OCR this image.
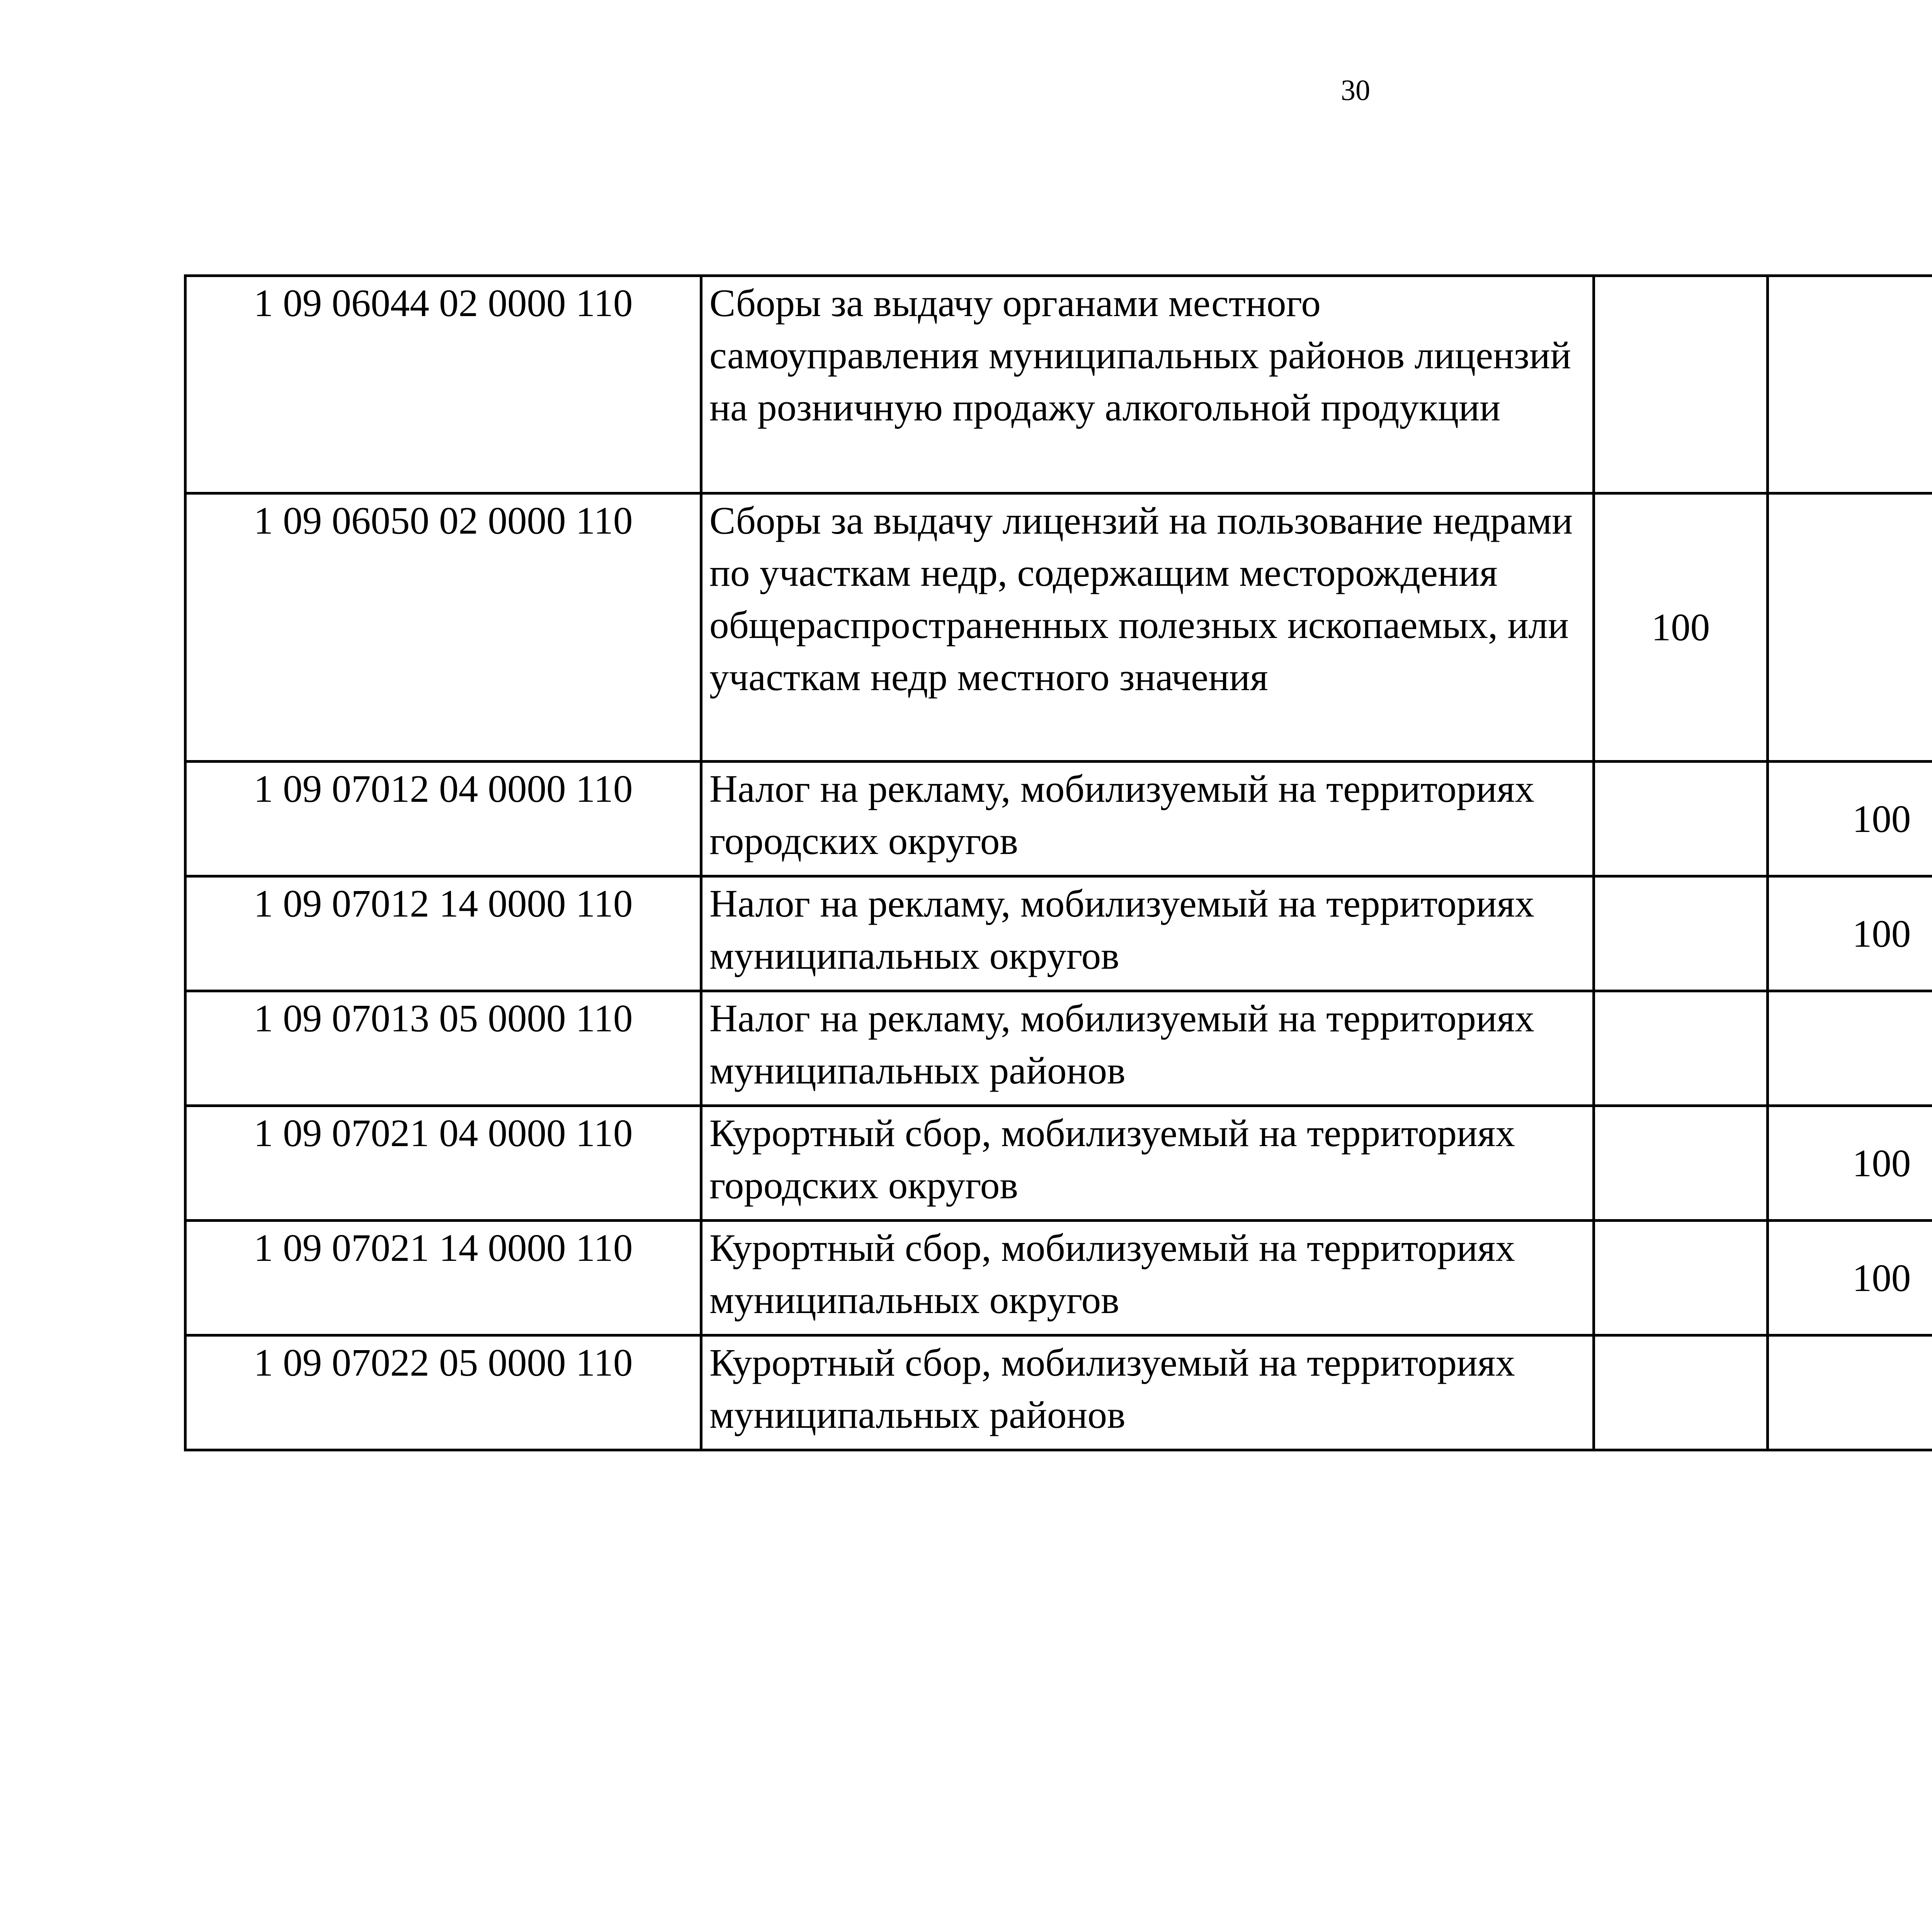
30
1 09 06044 02 0000 110	Сборы за выдачу органами местного самоуправления муниципальных районов лицензий на розничную продажу алкогольной продукции					
1 09 06050 02 0000 110	Сборы за выдачу лицензий на пользование недрами по участкам недр, содержащим месторождения общераспространенных полезных ископаемых, или участкам недр местного значения	100				
1 09 07012 04 0000 110	Налог на рекламу, мобилизуемый на территориях городских округов		100			
1 09 07012 14 0000 110	Налог на рекламу, мобилизуемый на территориях муниципальных округов		100			
1 09 07013 05 0000 110	Налог на рекламу, мобилизуемый на территориях муниципальных районов					
1 09 07021 04 0000 110	Курортный сбор, мобилизуемый на территориях городских округов		100			
1 09 07021 14 0000 110	Курортный сбор, мобилизуемый на территориях муниципальных округов		100			
1 09 07022 05 0000 110	Курортный сбор, мобилизуемый на территориях муниципальных районов					
